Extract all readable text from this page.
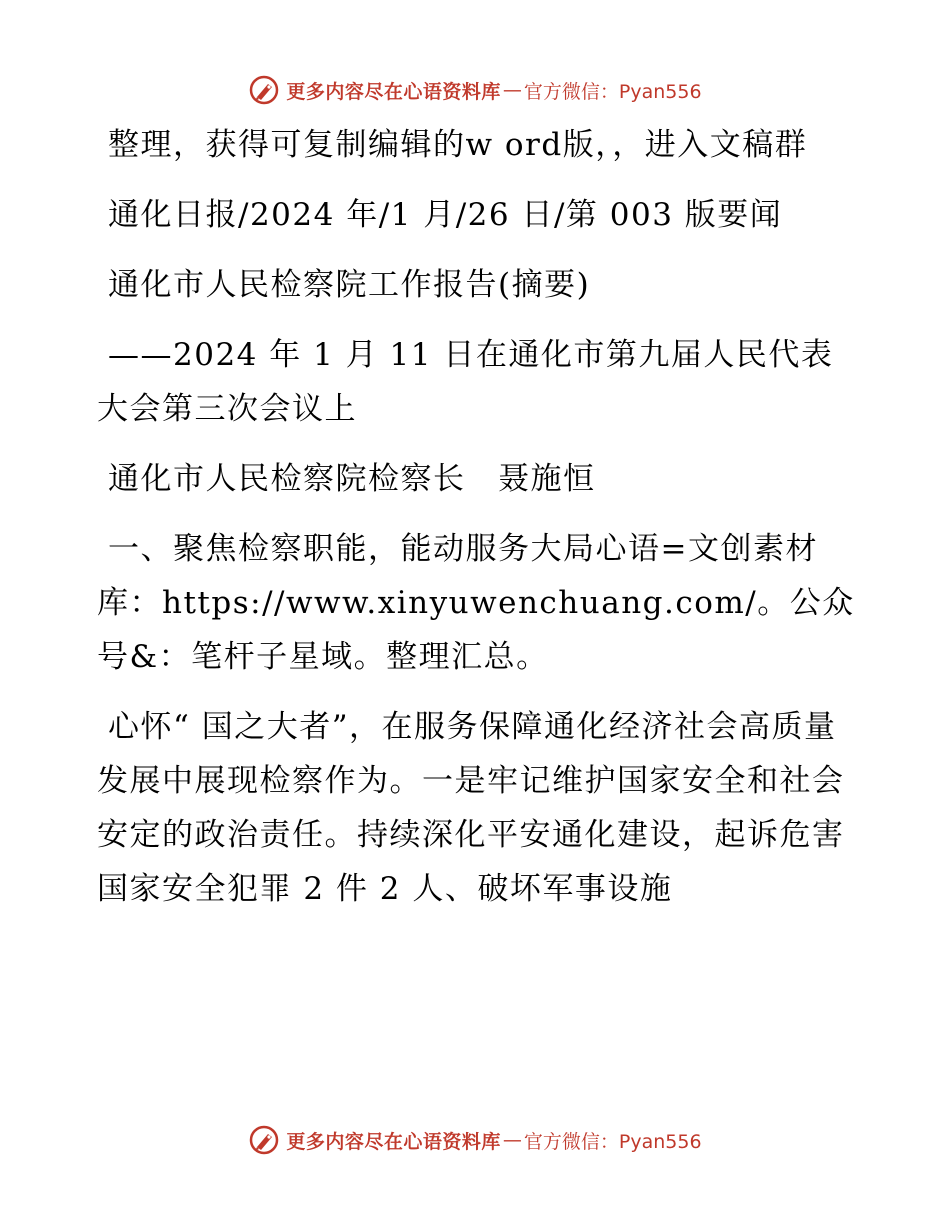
更多内容尽在心语资料库 — 官方微信：Pyan556

整理，获得可复制编辑的w ord版，，进入文稿群

通化日报/2024 年/1 月/26 日/第 003 版要闻

通化市人民检察院工作报告(摘要)

——2024 年 1 月 11 日在通化市第九届人民代表大会第三次会议上

通化市人民检察院检察长　聂施恒

一、聚焦检察职能，能动服务大局心语=文创素材库：https://www.xinyuwenchuang.com/。公众号&：笔杆子星域。整理汇总。

心怀“ 国之大者”，在服务保障通化经济社会高质量发展中展现检察作为。一是牢记维护国家安全和社会安定的政治责任。持续深化平安通化建设，起诉危害国家安全犯罪 2 件 2 人、破坏军事设施

更多内容尽在心语资料库 — 官方微信：Pyan556
